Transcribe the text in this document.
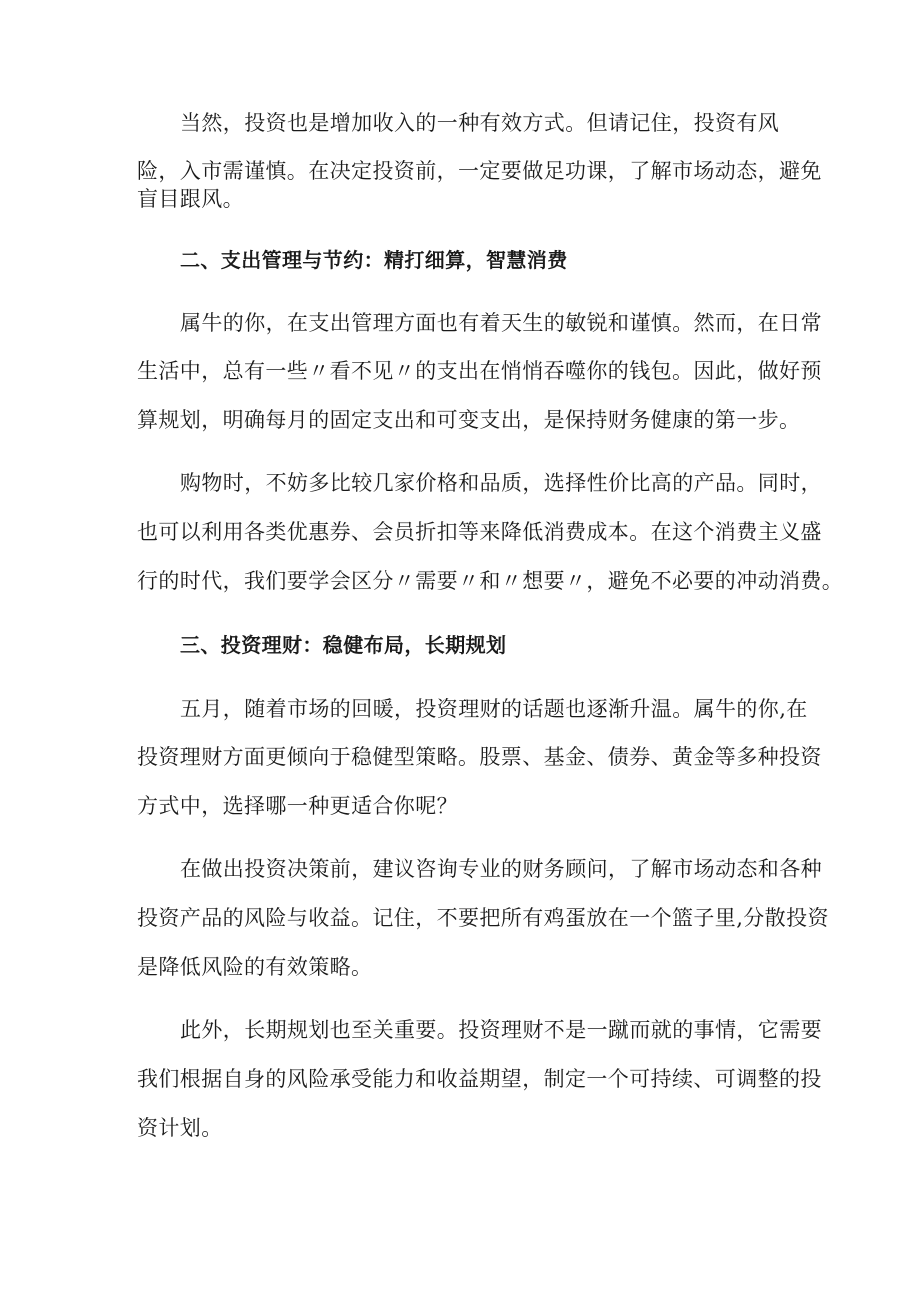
当然，投资也是增加收入的一种有效方式。但请记住，投资有风
险，入市需谨慎。在决定投资前，一定要做足功课，了解市场动态，避免
盲目跟风。
二、支出管理与节约：精打细算，智慧消费
属牛的你，在支出管理方面也有着天生的敏锐和谨慎。然而，在日常
生活中，总有一些〃看不见〃的支出在悄悄吞噬你的钱包。因此，做好预
算规划，明确每月的固定支出和可变支出，是保持财务健康的第一步。
购物时，不妨多比较几家价格和品质，选择性价比高的产品。同时，
也可以利用各类优惠券、会员折扣等来降低消费成本。在这个消费主义盛
行的时代，我们要学会区分〃需要〃和〃想要〃，避免不必要的冲动消费。
三、投资理财：稳健布局，长期规划
五月，随着市场的回暖，投资理财的话题也逐渐升温。属牛的你,在
投资理财方面更倾向于稳健型策略。股票、基金、债券、黄金等多种投资
方式中，选择哪一种更适合你呢？
在做出投资决策前，建议咨询专业的财务顾问，了解市场动态和各种
投资产品的风险与收益。记住，不要把所有鸡蛋放在一个篮子里,分散投资
是降低风险的有效策略。
此外，长期规划也至关重要。投资理财不是一蹴而就的事情，它需要
我们根据自身的风险承受能力和收益期望，制定一个可持续、可调整的投
资计划。
